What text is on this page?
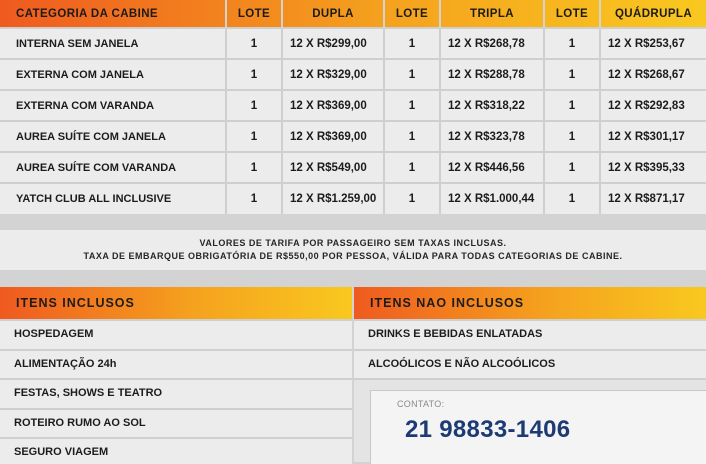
CATEGORIA DA CABINE	LOTE	DUPLA	LOTE	TRIPLA	LOTE	QUÁDRUPLA
INTERNA SEM JANELA	1	12 X R$299,00	1	12 X R$268,78	1	12 X R$253,67
EXTERNA COM JANELA	1	12 X R$329,00	1	12 X R$288,78	1	12 X R$268,67
EXTERNA COM VARANDA	1	12 X R$369,00	1	12 X R$318,22	1	12 X R$292,83
AUREA SUÍTE COM JANELA	1	12 X R$369,00	1	12 X R$323,78	1	12 X R$301,17
AUREA SUÍTE COM VARANDA	1	12 X R$549,00	1	12 X R$446,56	1	12 X R$395,33
YATCH CLUB ALL INCLUSIVE	1	12 X R$1.259,00	1	12 X R$1.000,44	1	12 X R$871,17
VALORES DE TARIFA POR PASSAGEIRO SEM TAXAS INCLUSAS.
TAXA DE EMBARQUE OBRIGATÓRIA DE R$550,00 POR PESSOA, VÁLIDA PARA TODAS CATEGORIAS DE CABINE.
ITENS INCLUSOS
HOSPEDAGEM
ALIMENTAÇÃO 24h
FESTAS, SHOWS E TEATRO
ROTEIRO RUMO AO SOL
SEGURO VIAGEM
ITENS NAO INCLUSOS
DRINKS E BEBIDAS ENLATADAS
ALCOÓLICOS E NÃO ALCOÓLICOS
CONTATO:
21 98833-1406
